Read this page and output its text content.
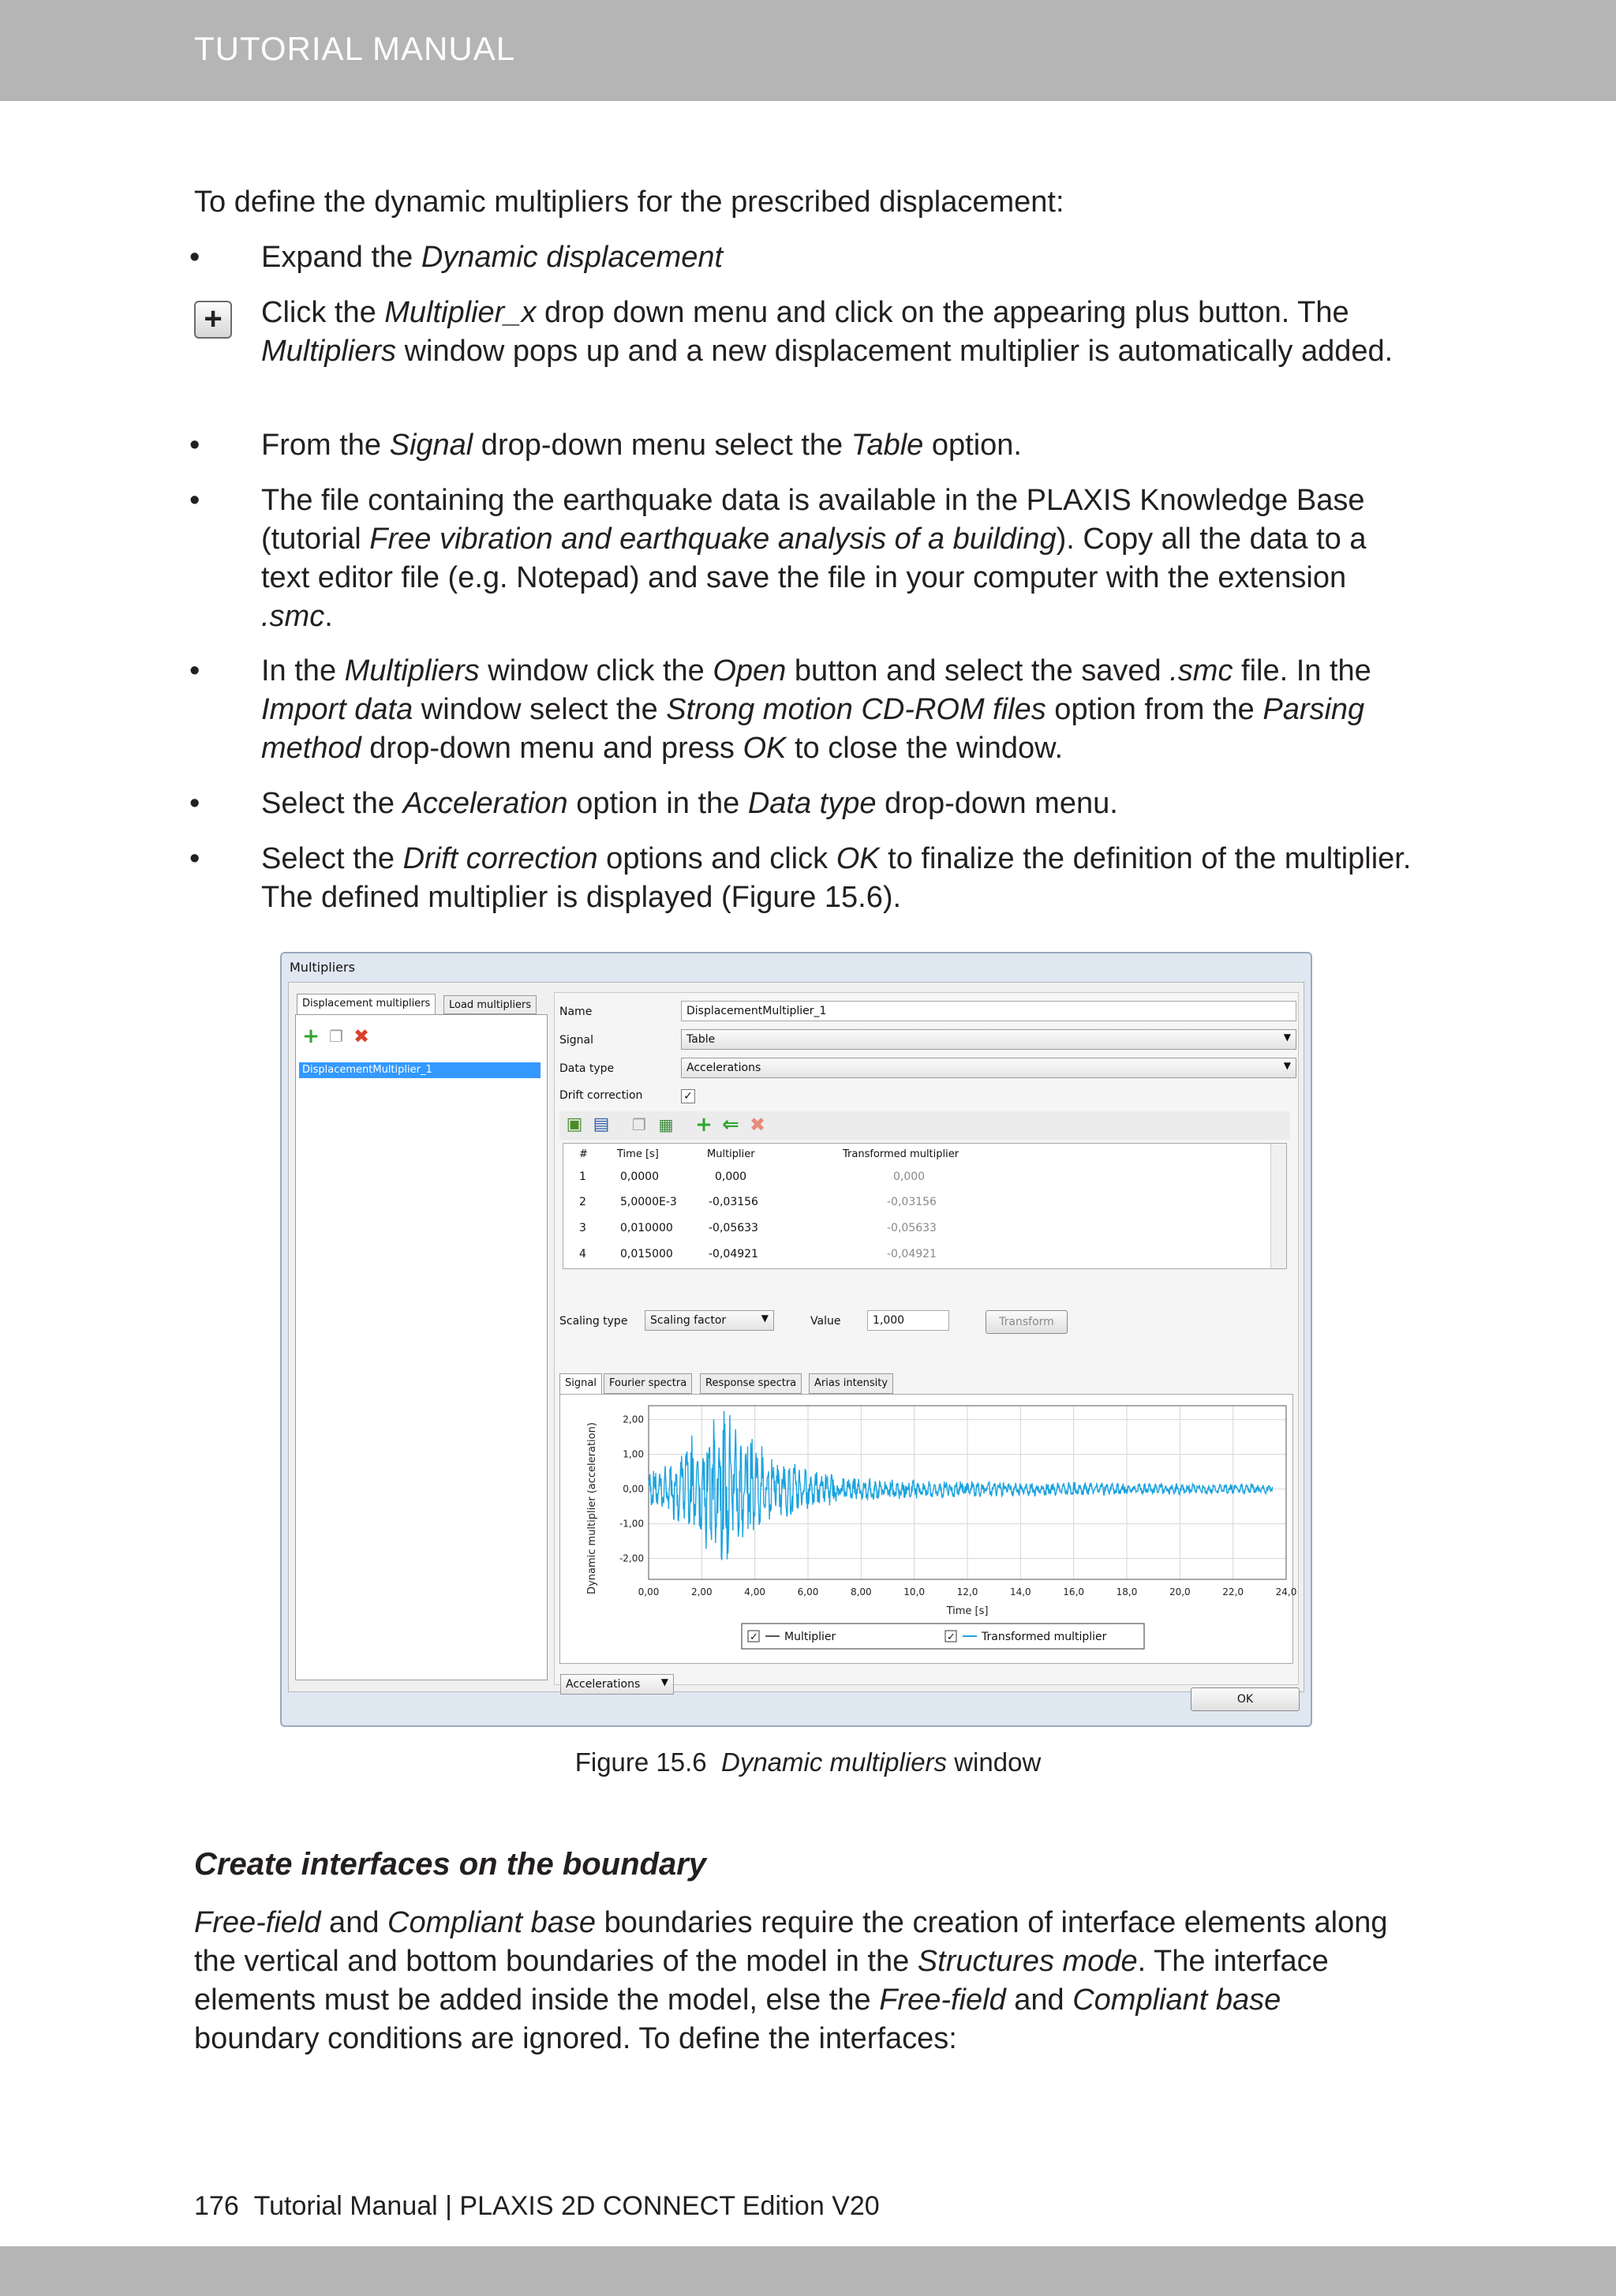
TUTORIAL MANUAL
To define the dynamic multipliers for the prescribed displacement:
• Expand the Dynamic displacement
+	Click the Multiplier_x drop down menu and click on the appearing plus button. The Multipliers window pops up and a new displacement multiplier is automatically added.
• From the Signal drop-down menu select the Table option.
• The file containing the earthquake data is available in the PLAXIS Knowledge Base (tutorial Free vibration and earthquake analysis of a building). Copy all the data to a text editor file (e.g. Notepad) and save the file in your computer with the extension .smc.
• In the Multipliers window click the Open button and select the saved .smc file. In the Import data window select the Strong motion CD-ROM files option from the Parsing method drop-down menu and press OK to close the window.
• Select the Acceleration option in the Data type drop-down menu.
• Select the Drift correction options and click OK to finalize the definition of the multiplier. The defined multiplier is displayed (Figure 15.6).
Multipliers
Displacement multipliers	Load multipliers
+ ❐ ✖
DisplacementMultiplier_1
Name	DisplacementMultiplier_1
Signal	Table	▼
Data type	Accelerations	▼
Drift correction	✓
▣ ▤ ❐ ▦ + ⇐ ✖
#	Time [s]	Multiplier	Transformed multiplier
1	0,0000	0,000	0,000
2	5,0000E-3	-0,03156	-0,03156
3	0,010000	-0,05633	-0,05633
4	0,015000	-0,04921	-0,04921
Scaling type	Scaling factor	▼	Value	1,000	Transform
Signal	Fourier spectra	Response spectra	Arias intensity
0,00	2,00	4,00	6,00	8,00	10,0	12,0	14,0	16,0	18,0	20,0	22,0	24,0
2,00
1,00
0,00
-1,00
-2,00
Time [s]
Dynamic multiplier (acceleration)
✓ Multiplier	✓ Transformed multiplier
Accelerations ▼
OK
Figure 15.6 Dynamic multipliers window
Create interfaces on the boundary
Free-field and Compliant base boundaries require the creation of interface elements along the vertical and bottom boundaries of the model in the Structures mode. The interface elements must be added inside the model, else the Free-field and Compliant base boundary conditions are ignored. To define the interfaces:
176 Tutorial Manual | PLAXIS 2D CONNECT Edition V20
